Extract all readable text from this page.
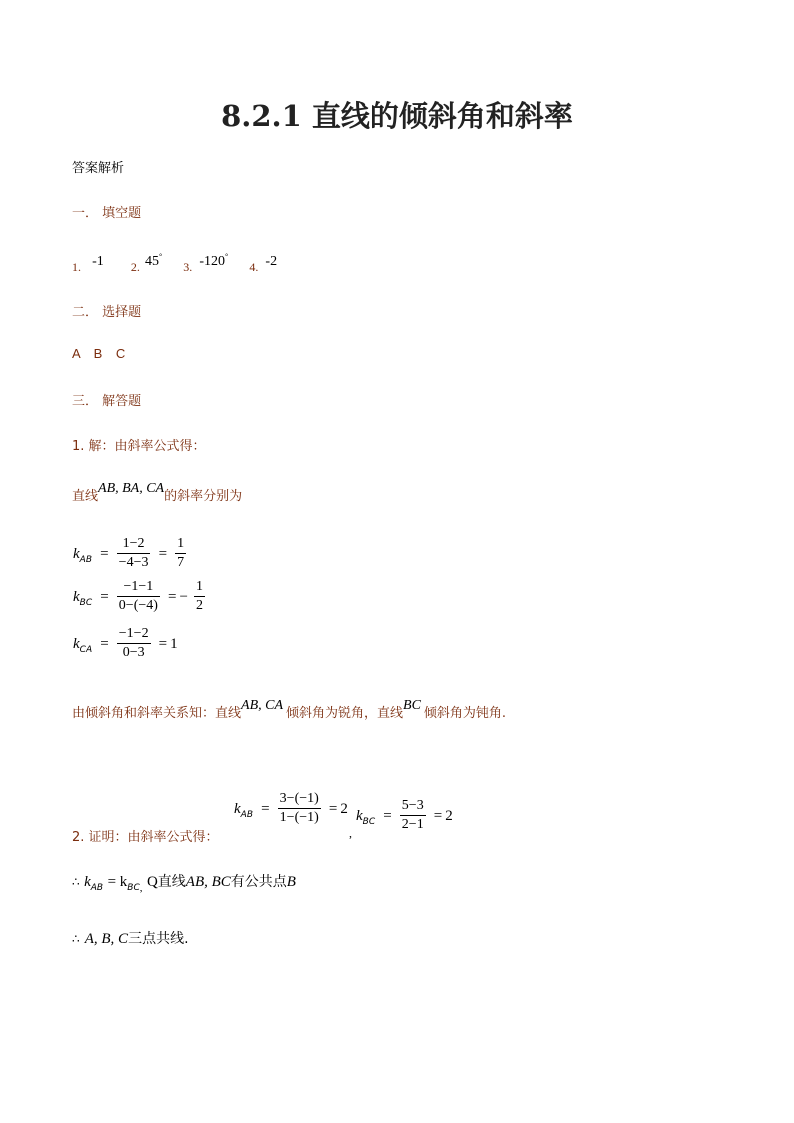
8.2.1 直线的倾斜角和斜率
答案解析
一． 填空题
1. -1 2. 45° 3. -120° 4. -2
二． 选择题
A B C
三． 解答题
1. 解：由斜率公式得：
直线AB, BA, CA的斜率分别为
$k_{AB} = \frac{1-2}{-4-3} = \frac{1}{7}$
$k_{BC} = \frac{-1-1}{0-(-4)}$ = − $\frac{1}{2}$
$k_{CA} = \frac{-1-2}{0-3} = 1$
由倾斜角和斜率关系知：直线AB, CA倾斜角为锐角，直线BC倾斜角为钝角.
2. 证明：由斜率公式得：
$k_{AB} = \frac{3-(-1)}{1-(-1)} = 2$
,
$k_{BC} = \frac{5-3}{2-1} = 2$
∴ $k_{AB} = k_{BC,}$ Q直线AB, BC有公共点B
∴ A, B, C三点共线.
